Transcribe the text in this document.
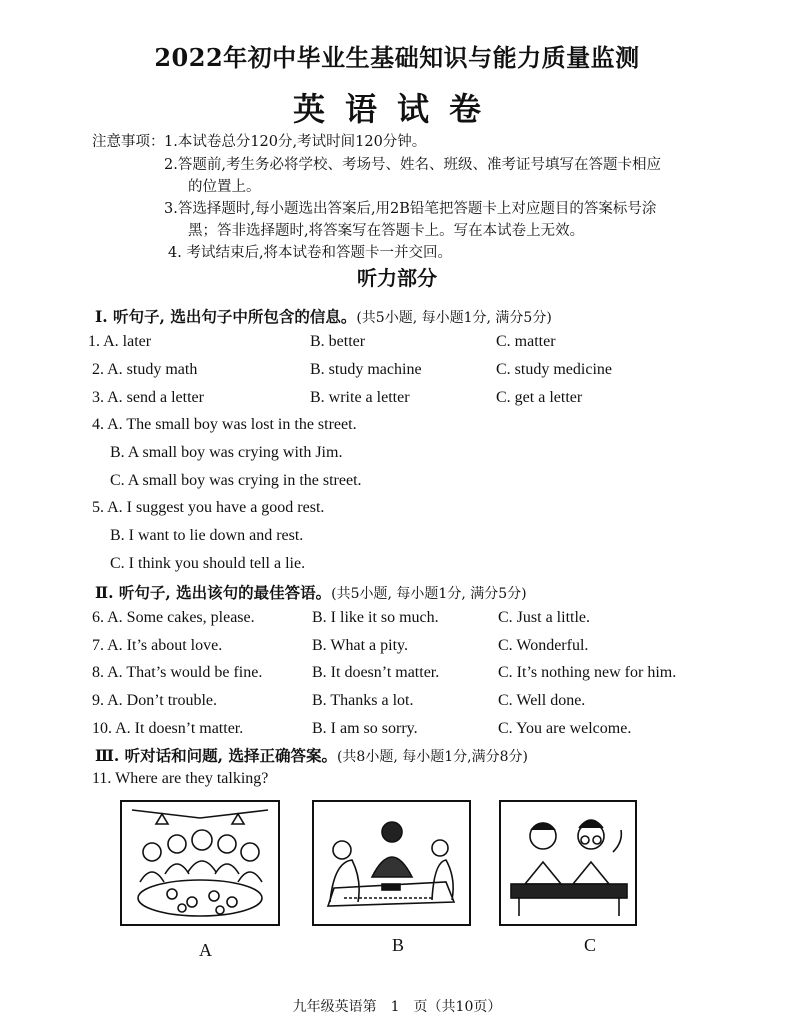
2022年初中毕业生基础知识与能力质量监测
英语试卷
注意事项： 1.本试卷总分120分,考试时间120分钟。
2.答题前,考生务必将学校、考场号、姓名、班级、准考证号填写在答题卡相应
的位置上。
3.答选择题时,每小题选出答案后,用2B铅笔把答题卡上对应题目的答案标号涂
黑；答非选择题时,将答案写在答题卡上。写在本试卷上无效。
4. 考试结束后,将本试卷和答题卡一并交回。
听力部分
Ⅰ. 听句子, 选出句子中所包含的信息。(共5小题, 每小题1分, 满分5分)
1. A. later	B. better	C. matter
2. A. study math	B. study machine	C. study medicine
3. A. send a letter	B. write a letter	C. get a letter
4. A. The small boy was lost in the street.
B. A small boy was crying with Jim.
C. A small boy was crying in the street.
5. A. I suggest you have a good rest.
B. I want to lie down and rest.
C. I think you should tell a lie.
Ⅱ. 听句子, 选出该句的最佳答语。(共5小题, 每小题1分, 满分5分)
6. A. Some cakes, please.	B. I like it so much.	C. Just a little.
7. A. It’s about love.	B. What a pity.	C. Wonderful.
8. A. That’s would be fine.	B. It doesn’t matter.	C. It’s nothing new for him.
9. A. Don’t trouble.	B. Thanks a lot.	C. Well done.
10. A. It doesn’t matter.	B. I am so sorry.	C. You are welcome.
Ⅲ. 听对话和问题, 选择正确答案。(共8小题, 每小题1分,满分8分)
11. Where are they talking?
A	B	C
九年级英语第　1　页（共10页）
